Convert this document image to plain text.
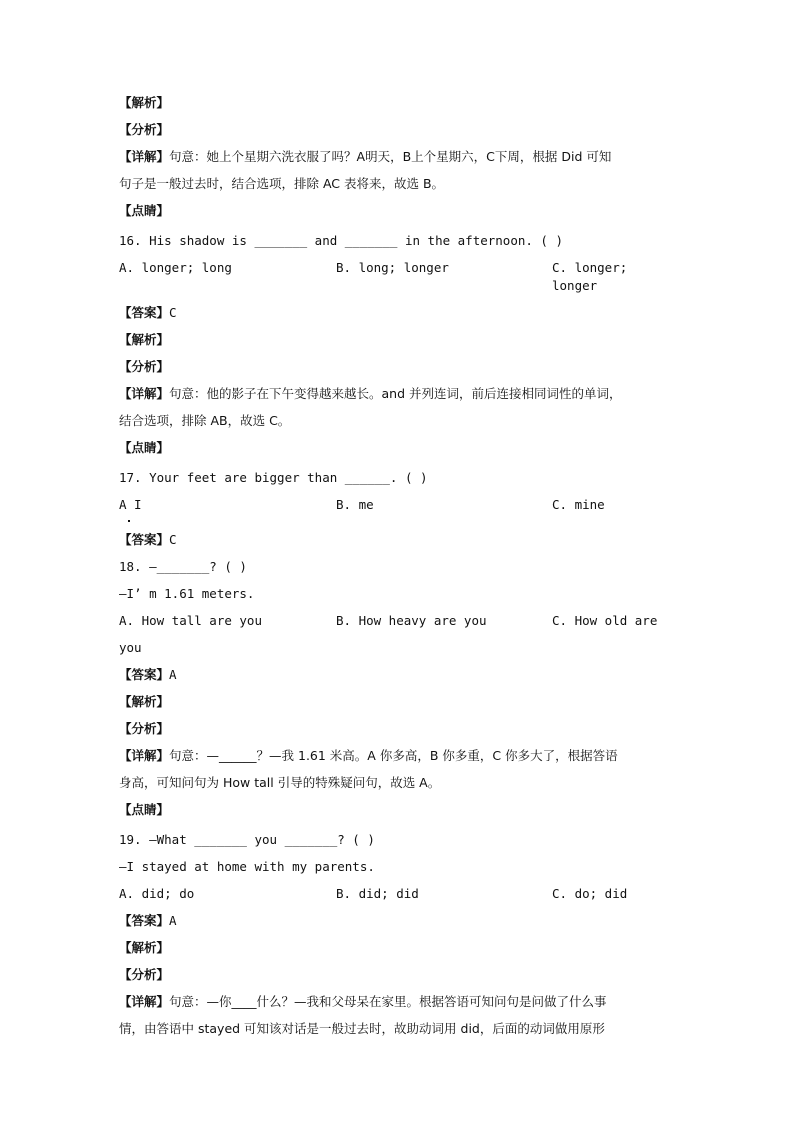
【解析】
【分析】
【详解】句意：她上个星期六洗衣服了吗？A明天，B上个星期六，C下周，根据 Did 可知
句子是一般过去时，结合选项，排除 AC 表将来，故选 B。
【点睛】
16. His shadow is _______ and _______ in the afternoon. ( )
A. longer; long	B. long; longer	C. longer; longer
【答案】C
【解析】
【分析】
【详解】句意：他的影子在下午变得越来越长。and 并列连词，前后连接相同词性的单词，
结合选项，排除 AB，故选 C。
【点睛】
17. Your feet are bigger than ______. ( )
A I	B. me	C. mine
【答案】C
18. —_______? ( )
—I’ m 1.61 meters.
A. How tall are you	B. How heavy are you	C. How old are
you
【答案】A
【解析】
【分析】
【详解】句意：—______？—我 1.61 米高。A 你多高，B 你多重，C 你多大了，根据答语
身高，可知问句为 How tall 引导的特殊疑问句，故选 A。
【点睛】
19. —What _______ you _______? ( )
—I stayed at home with my parents.
A. did; do	B. did; did	C. do; did
【答案】A
【解析】
【分析】
【详解】句意：—你____什么？—我和父母呆在家里。根据答语可知问句是问做了什么事
情，由答语中 stayed 可知该对话是一般过去时，故助动词用 did，后面的动词做用原形
